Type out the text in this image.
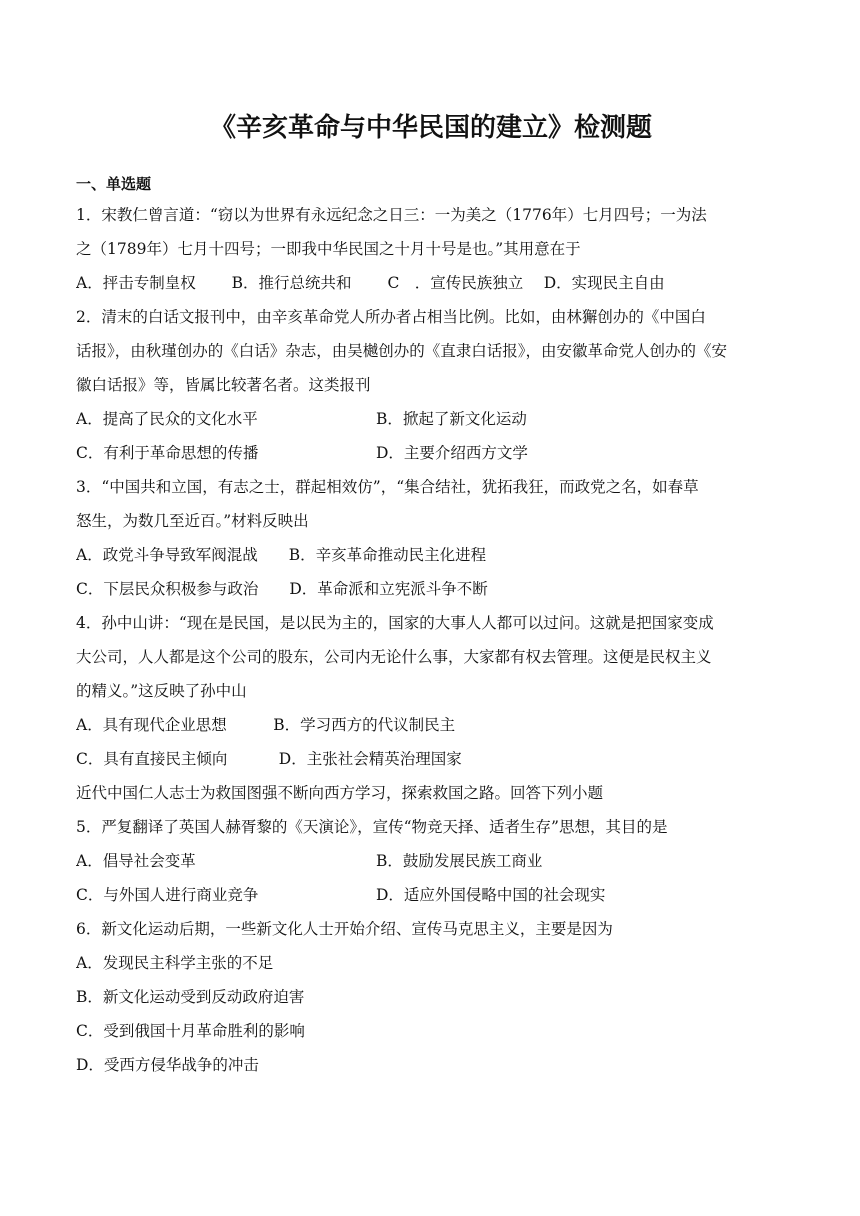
《辛亥革命与中华民国的建立》检测题
一、单选题
1．宋教仁曾言道：“窃以为世界有永远纪念之日三：一为美之（1776年）七月四号；一为法
之（1789年）七月十四号；一即我中华民国之十月十号是也。”其用意在于
A．抨击专制皇权　　 B．推行总统共和　　 C　．宣传民族独立　 D．实现民主自由
2．清末的白话文报刊中，由辛亥革命党人所办者占相当比例。比如，由林獬创办的《中国白
话报》，由秋瑾创办的《白话》杂志，由吴樾创办的《直隶白话报》，由安徽革命党人创办的《安
徽白话报》等，皆属比较著名者。这类报刊
A．提高了民众的文化水平	B．掀起了新文化运动
C．有利于革命思想的传播	D．主要介绍西方文学
3．“中国共和立国，有志之士，群起相效仿”，“集合结社，犹拓我狂，而政党之名，如春草
怒生，为数几至近百。”材料反映出
A．政党斗争导致军阀混战　　B．辛亥革命推动民主化进程
C．下层民众积极参与政治　　D．革命派和立宪派斗争不断
4．孙中山讲：“现在是民国，是以民为主的，国家的大事人人都可以过问。这就是把国家变成
大公司，人人都是这个公司的股东，公司内无论什么事，大家都有权去管理。这便是民权主义
的精义。”这反映了孙中山
A．具有现代企业思想　　　B．学习西方的代议制民主
C．具有直接民主倾向　　　 D．主张社会精英治理国家
近代中国仁人志士为救国图强不断向西方学习，探索救国之路。回答下列小题
5．严复翻译了英国人赫胥黎的《天演论》，宣传“物竞天择、适者生存”思想，其目的是
A．倡导社会变革	B．鼓励发展民族工商业
C．与外国人进行商业竞争	D．适应外国侵略中国的社会现实
6．新文化运动后期，一些新文化人士开始介绍、宣传马克思主义，主要是因为
A．发现民主科学主张的不足
B．新文化运动受到反动政府迫害
C．受到俄国十月革命胜利的影响
D．受西方侵华战争的冲击
